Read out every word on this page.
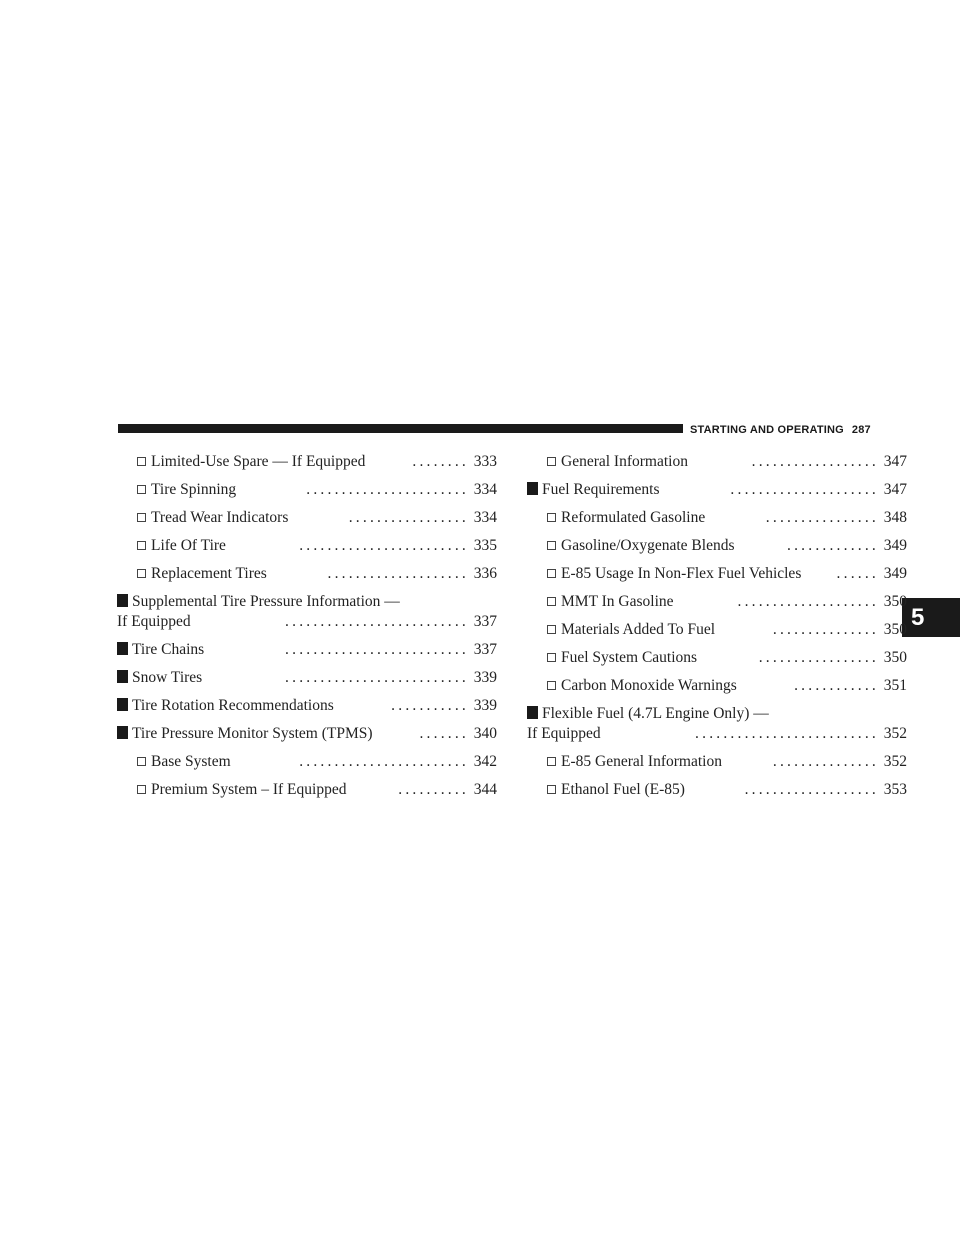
STARTING AND OPERATING 287
5
Limited-Use Spare — If Equipped	........ 333
Tire Spinning	....................... 334
Tread Wear Indicators	................. 334
Life Of Tire	........................ 335
Replacement Tires	.................... 336
Supplemental Tire Pressure Information —
If Equipped	.......................... 337
Tire Chains	.......................... 337
Snow Tires	.......................... 339
Tire Rotation Recommendations	........... 339
Tire Pressure Monitor System (TPMS)	....... 340
Base System	........................ 342
Premium System – If Equipped	.......... 344
General Information	.................. 347
Fuel Requirements	..................... 347
Reformulated Gasoline	................ 348
Gasoline/Oxygenate Blends	............. 349
E-85 Usage In Non-Flex Fuel Vehicles	...... 349
MMT In Gasoline	.................... 350
Materials Added To Fuel	............... 350
Fuel System Cautions	................. 350
Carbon Monoxide Warnings	............ 351
Flexible Fuel (4.7L Engine Only) —
If Equipped	.......................... 352
E-85 General Information	............... 352
Ethanol Fuel (E-85)	................... 353
